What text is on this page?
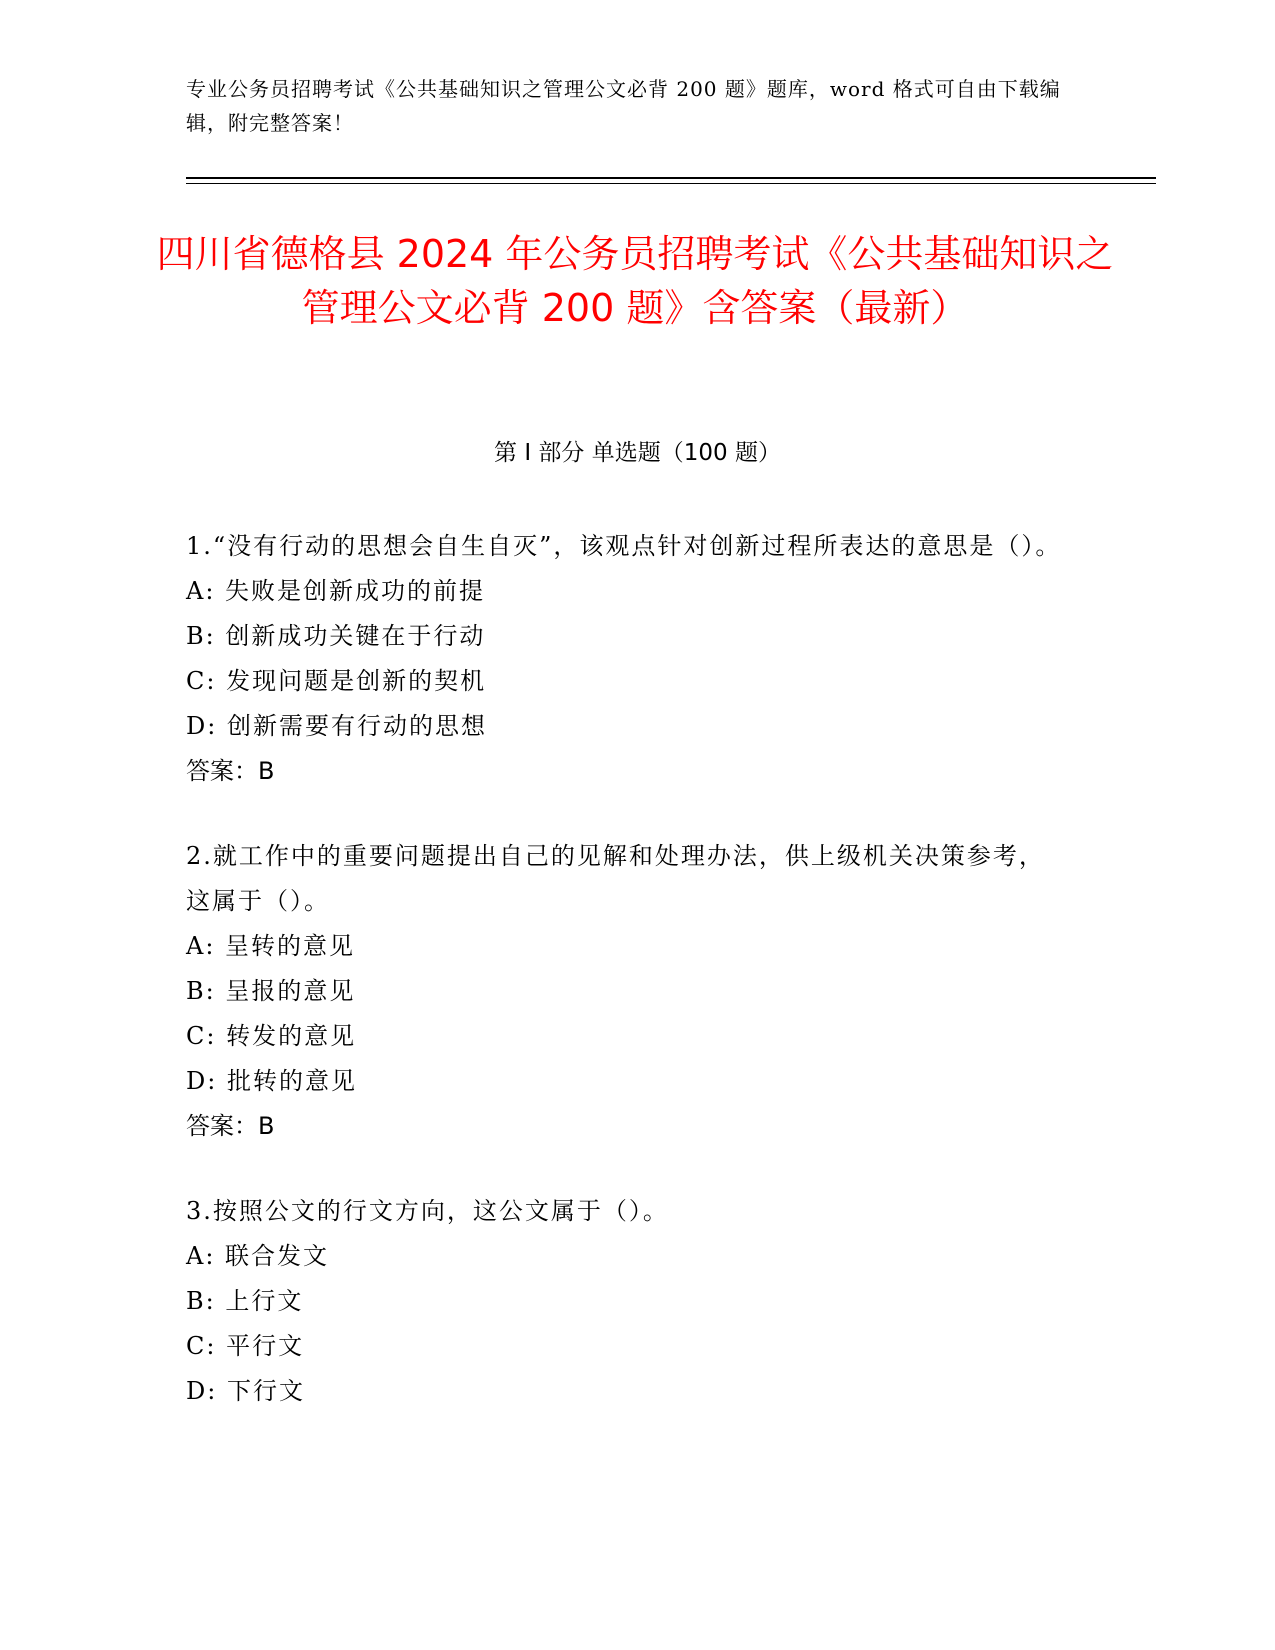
专业公务员招聘考试《公共基础知识之管理公文必背 200 题》题库，word 格式可自由下载编辑，附完整答案！
四川省德格县 2024 年公务员招聘考试《公共基础知识之管理公文必背 200 题》含答案（最新）
第 I 部分 单选题（100 题）

1.“没有行动的思想会自生自灭”，该观点针对创新过程所表达的意思是（）。

A: 失败是创新成功的前提

B: 创新成功关键在于行动

C: 发现问题是创新的契机

D: 创新需要有行动的思想

答案：B

2.就工作中的重要问题提出自己的见解和处理办法，供上级机关决策参考，这属于（）。

A: 呈转的意见

B: 呈报的意见

C: 转发的意见

D: 批转的意见

答案：B

3.按照公文的行文方向，这公文属于（）。

A: 联合发文

B: 上行文

C: 平行文

D: 下行文
